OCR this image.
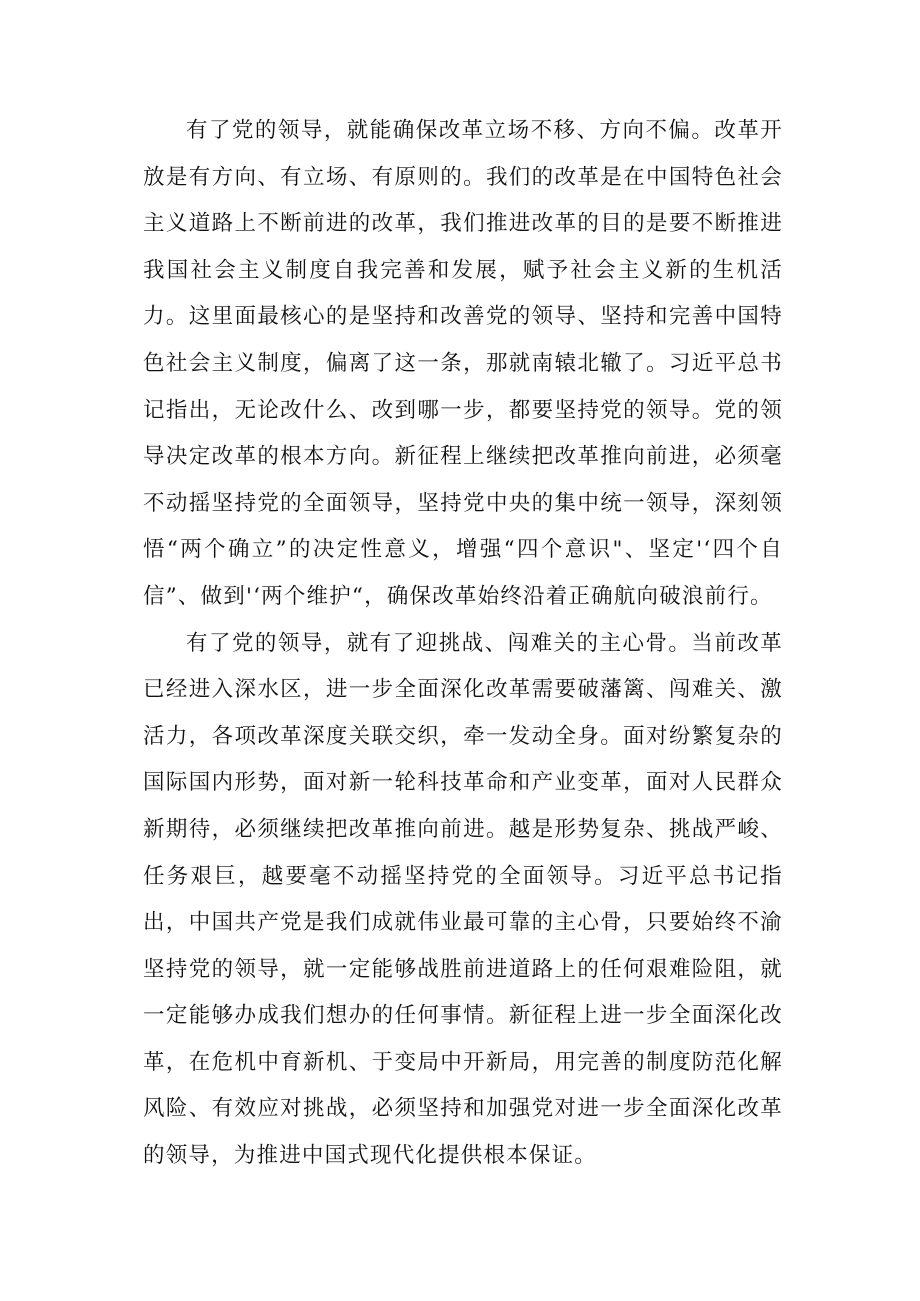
有了党的领导，就能确保改革立场不移、方向不偏。改革开放是有方向、有立场、有原则的。我们的改革是在中国特色社会主义道路上不断前进的改革，我们推进改革的目的是要不断推进我国社会主义制度自我完善和发展，赋予社会主义新的生机活力。这里面最核心的是坚持和改善党的领导、坚持和完善中国特色社会主义制度，偏离了这一条，那就南辕北辙了。习近平总书记指出，无论改什么、改到哪一步，都要坚持党的领导。党的领导决定改革的根本方向。新征程上继续把改革推向前进，必须毫不动摇坚持党的全面领导，坚持党中央的集中统一领导，深刻领悟“两个确立”的决定性意义，增强“四个意识"、坚定'‘四个自信”、做到'‘两个维护“，确保改革始终沿着正确航向破浪前行。

有了党的领导，就有了迎挑战、闯难关的主心骨。当前改革已经进入深水区，进一步全面深化改革需要破藩篱、闯难关、激活力，各项改革深度关联交织，牵一发动全身。面对纷繁复杂的国际国内形势，面对新一轮科技革命和产业变革，面对人民群众新期待，必须继续把改革推向前进。越是形势复杂、挑战严峻、任务艰巨，越要毫不动摇坚持党的全面领导。习近平总书记指出，中国共产党是我们成就伟业最可靠的主心骨，只要始终不渝坚持党的领导，就一定能够战胜前进道路上的任何艰难险阻，就一定能够办成我们想办的任何事情。新征程上进一步全面深化改革，在危机中育新机、于变局中开新局，用完善的制度防范化解风险、有效应对挑战，必须坚持和加强党对进一步全面深化改革的领导，为推进中国式现代化提供根本保证。
